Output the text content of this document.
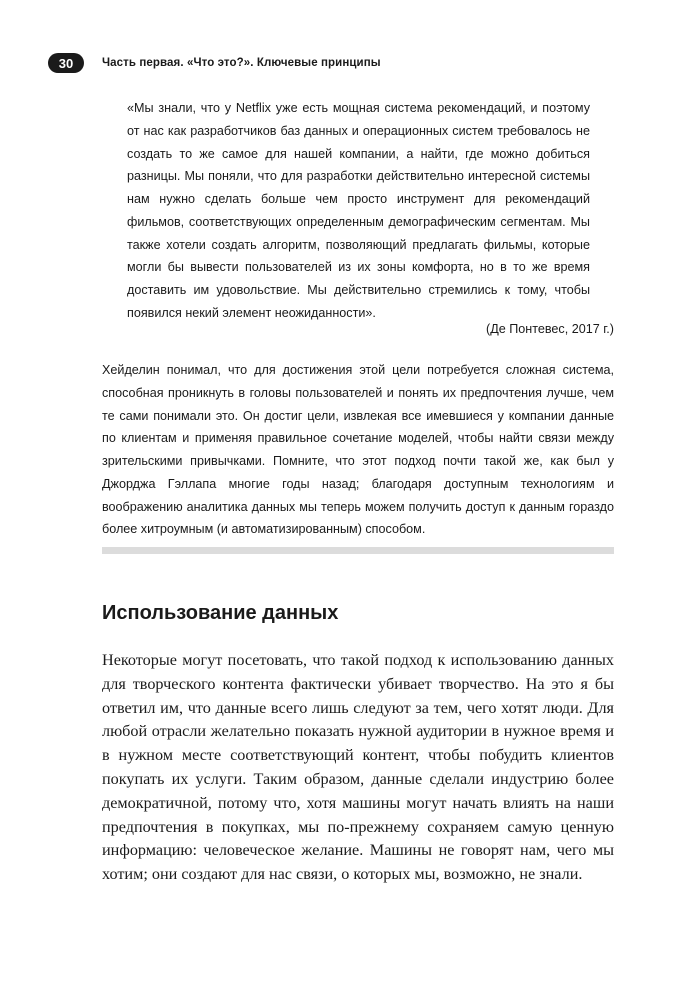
30	Часть первая. «Что это?». Ключевые принципы

«Мы знали, что у Netflix уже есть мощная система рекомендаций, и поэтому от нас как разработчиков баз данных и операционных систем требовалось не создать то же самое для нашей компании, а найти, где можно добиться разницы. Мы поняли, что для разработки действительно интересной системы нам нужно сделать больше чем просто инструмент для рекомендаций фильмов, соответствующих определенным демографическим сегментам. Мы также хотели создать алгоритм, позволяющий предлагать фильмы, которые могли бы вывести пользователей из их зоны комфорта, но в то же время доставить им удовольствие. Мы действительно стремились к тому, чтобы появился некий элемент неожиданности».

(Де Понтевес, 2017 г.)

Хейделин понимал, что для достижения этой цели потребуется сложная система, способная проникнуть в головы пользователей и понять их предпочтения лучше, чем те сами понимали это. Он достиг цели, извлекая все имевшиеся у компании данные по клиентам и применяя правильное сочетание моделей, чтобы найти связи между зрительскими привычками. Помните, что этот подход почти такой же, как был у Джорджа Гэллапа многие годы назад; благодаря доступным технологиям и воображению аналитика данных мы теперь можем получить доступ к данным гораздо более хитроумным (и автоматизированным) способом.

Использование данных

Некоторые могут посетовать, что такой подход к использованию данных для творческого контента фактически убивает творчество. На это я бы ответил им, что данные всего лишь следуют за тем, чего хотят люди. Для любой отрасли желательно показать нужной аудитории в нужное время и в нужном месте соответствующий контент, чтобы побудить клиентов покупать их услуги. Таким образом, данные сделали индустрию более демократичной, потому что, хотя машины могут начать влиять на наши предпочтения в покупках, мы по-прежнему сохраняем самую ценную информацию: человеческое желание. Машины не говорят нам, чего мы хотим; они создают для нас связи, о которых мы, возможно, не знали.
